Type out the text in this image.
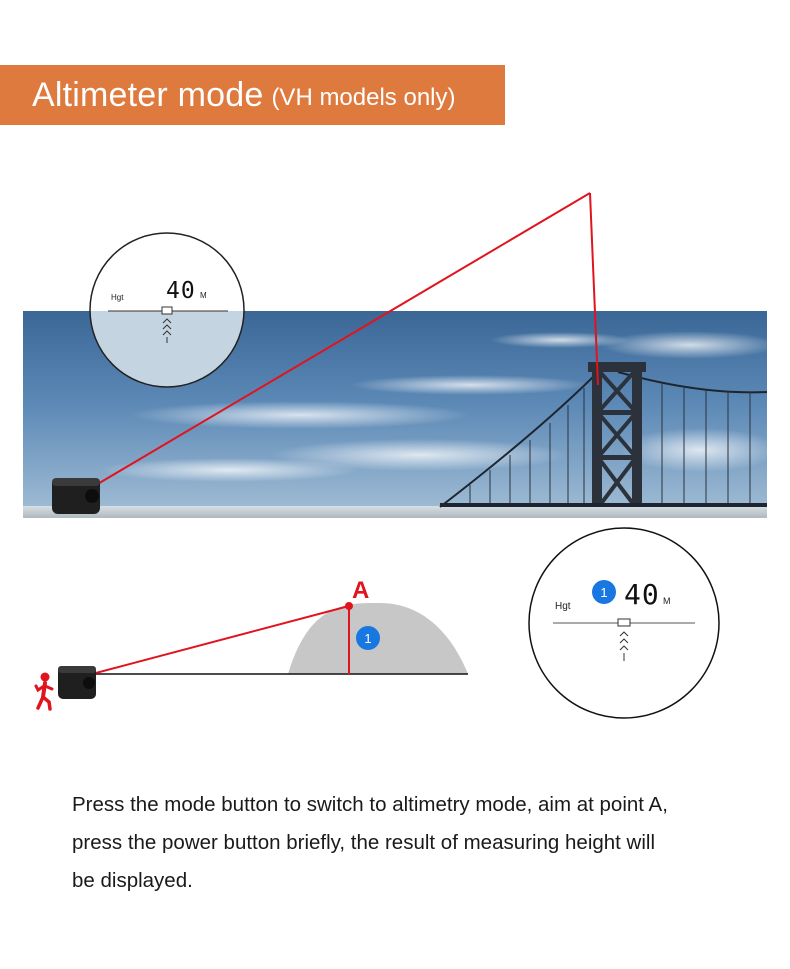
Altimeter mode (VH models only)
A
1
Hgt 40 M
Hgt
1 40 M

Press the mode button to switch to altimetry mode, aim at point A,

press the power button briefly, the result of measuring height will

be displayed.
